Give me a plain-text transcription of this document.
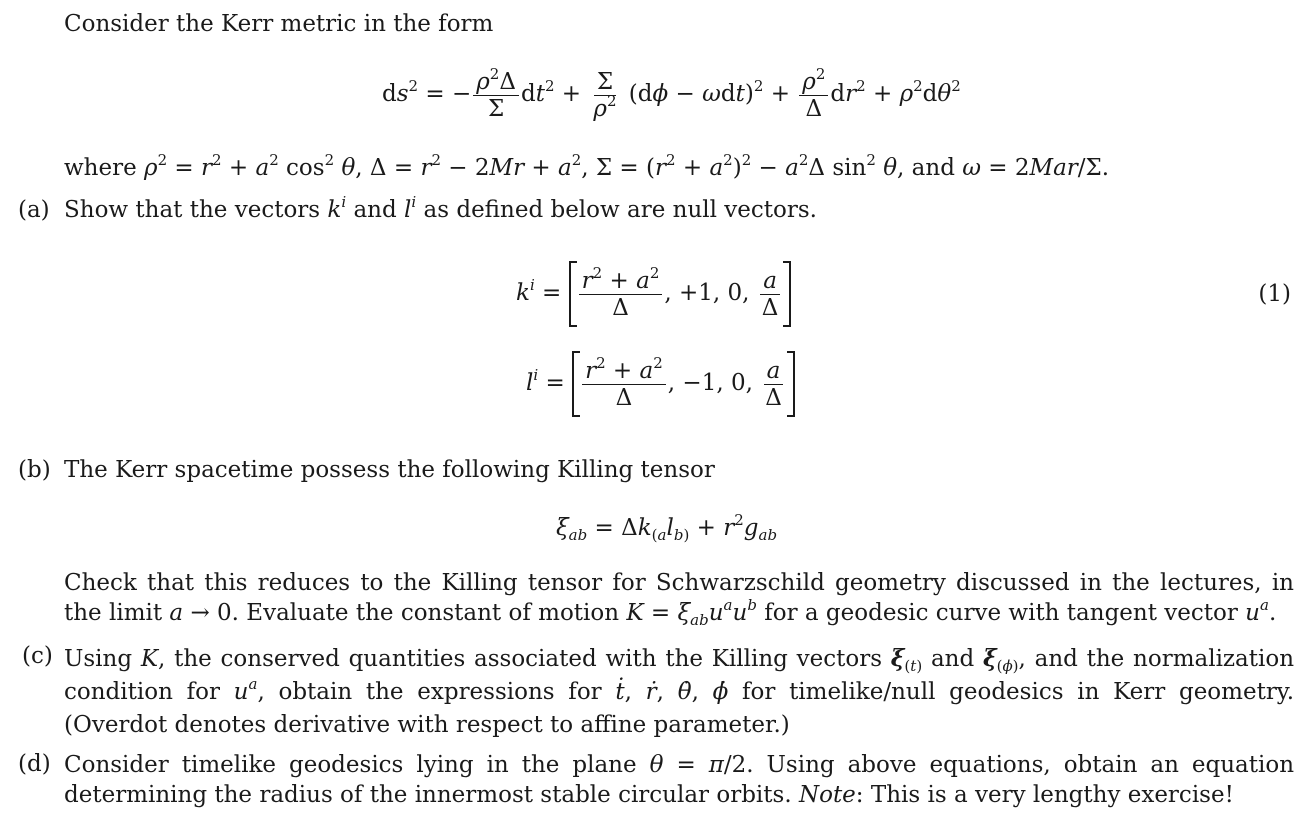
Consider the Kerr metric in the form
$ds^2$ = − $\frac{\rho^2\Delta}{\Sigma} dt^2 + \frac{\Sigma}{\rho^2} (d\phi - \omega dt)^2 + \frac{\rho^2}{\Delta} dr^2 + \rho^2d\theta^2$
where $\rho^2 = r^2 + a^2$ $\cos^2 \theta$, $\Delta = r^2 - 2Mr + a^2$, $\Sigma = (r^2 + a^2)^2 - a^2\Delta$ $\sin^2 \theta$, and ω = 2Mar/Σ.
(a) Show that the vectors $k^i$ and $l^i$ as defined below are null vectors.
$k^i = \frac{r^2 + a^2}{\Delta}$ , +1, 0, $\frac{a}{\Delta}$	(1)
$l^i = \frac{r^2 + a^2}{\Delta}$ , −1, 0, $\frac{a}{\Delta}$
(b) The Kerr spacetime possess the following Killing tensor
$\xi_{ab} = \Delta k_{(a}l_{b)} + r^2g_{ab}$
Check that this reduces to the Killing tensor for Schwarzschild geometry discussed in the lectures, in the limit a → 0. Evaluate the constant of motion $K = \xi_{ab}u^au^b$ for a geodesic curve with tangent vector $u^a$.
(c) Using K, the conserved quantities associated with the Killing vectors $\xi_{(t)}$ and $\xi_{(\phi)}$, and the normalization condition for $u^a$, obtain the expressions for ṫ, ṙ, θ̇, ϕ̇ for timelike/null geodesics in Kerr geometry. (Overdot denotes derivative with respect to affine parameter.)
(d) Consider timelike geodesics lying in the plane θ = π/2. Using above equations, obtain an equation determining the radius of the innermost stable circular orbits. Note: This is a very lengthy exercise!
